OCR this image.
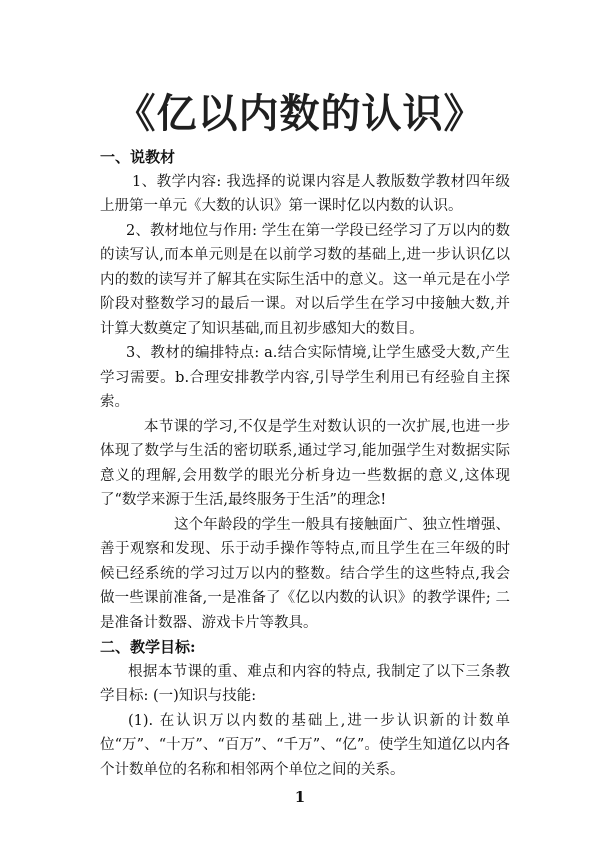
《亿以内数的认识》

一、说教材

1、教学内容: 我选择的说课内容是人教版数学教材四年级上册第一单元《大数的认识》第一课时亿以内数的认识。

2、教材地位与作用: 学生在第一学段已经学习了万以内的数的读写认,而本单元则是在以前学习数的基础上,进一步认识亿以内的数的读写并了解其在实际生活中的意义。这一单元是在小学阶段对整数学习的最后一课。对以后学生在学习中接触大数,并计算大数奠定了知识基础,而且初步感知大的数目。

3、教材的编排特点: a.结合实际情境,让学生感受大数,产生学习需要。b.合理安排教学内容,引导学生利用已有经验自主探索。

本节课的学习,不仅是学生对数认识的一次扩展,也进一步体现了数学与生活的密切联系,通过学习,能加强学生对数据实际意义的理解,会用数学的眼光分析身边一些数据的意义,这体现了“数学来源于生活,最终服务于生活”的理念!

这个年龄段的学生一般具有接触面广、独立性增强、善于观察和发现、乐于动手操作等特点,而且学生在三年级的时候已经系统的学习过万以内的整数。结合学生的这些特点,我会做一些课前准备,一是准备了《亿以内数的认识》的教学课件; 二是准备计数器、游戏卡片等教具。

二、教学目标:

根据本节课的重、难点和内容的特点, 我制定了以下三条教学目标: (一)知识与技能:

(1). 在认识万以内数的基础上,进一步认识新的计数单位“万”、“十万”、“百万”、“千万”、“亿”。使学生知道亿以内各个计数单位的名称和相邻两个单位之间的关系。

1
